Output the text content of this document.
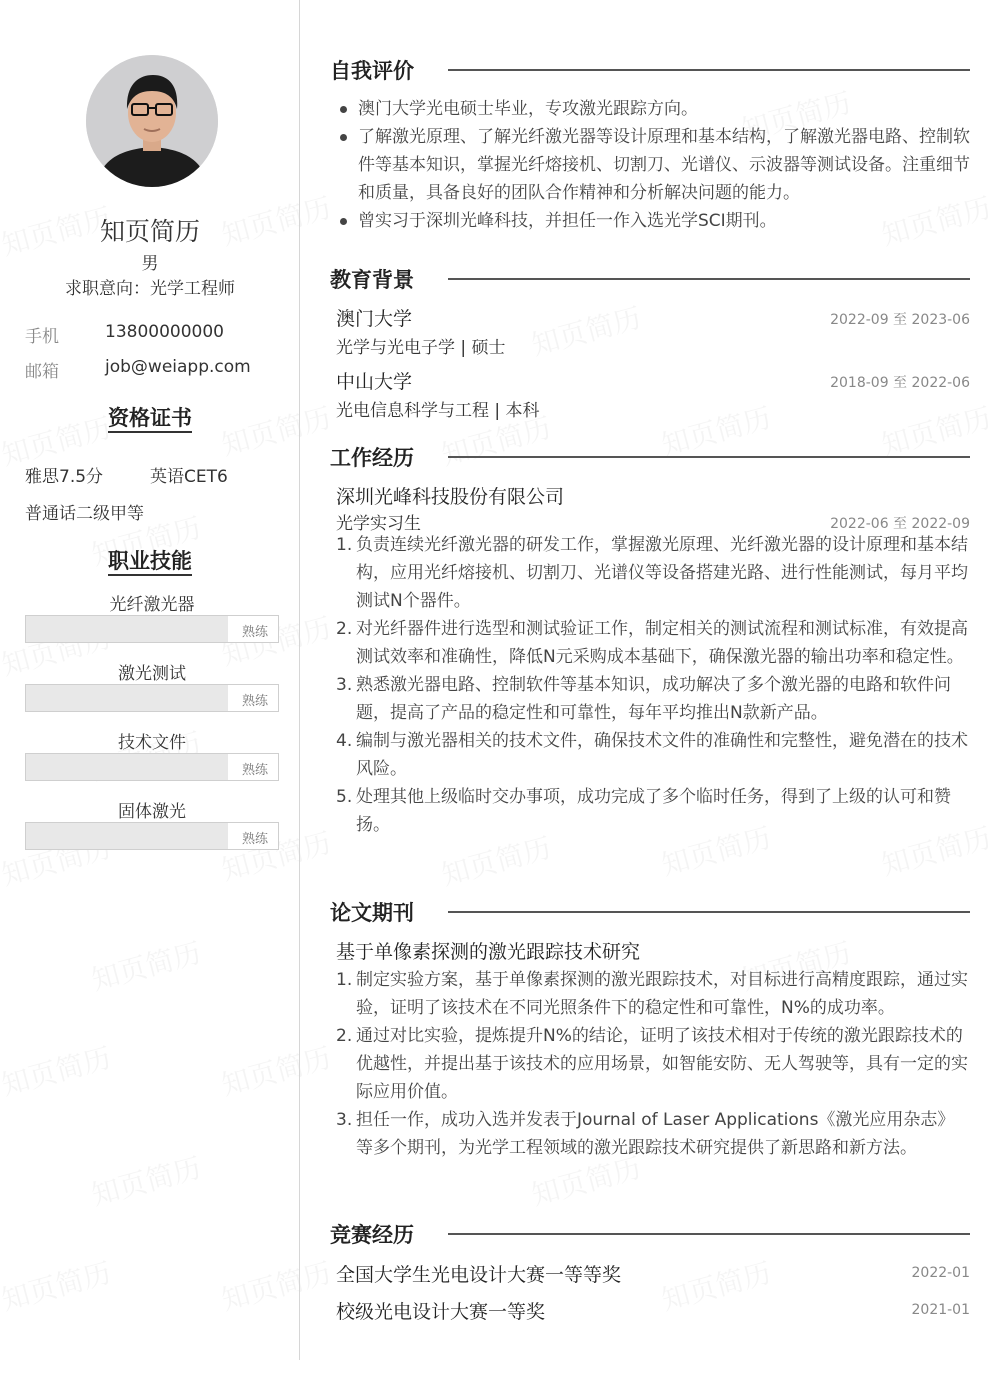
知页简历
男
求职意向：光学工程师
手机	13800000000
邮箱	job@weiapp.com
资格证书
雅思7.5分	英语CET6
普通话二级甲等
职业技能
光纤激光器
熟练
激光测试
熟练
技术文件
熟练
固体激光
熟练
自我评价
澳门大学光电硕士毕业，专攻激光跟踪方向。
了解激光原理、了解光纤激光器等设计原理和基本结构，了解激光器电路、控制软件等基本知识，掌握光纤熔接机、切割刀、光谱仪、示波器等测试设备。注重细节和质量，具备良好的团队合作精神和分析解决问题的能力。
曾实习于深圳光峰科技，并担任一作入选光学SCI期刊。
教育背景
澳门大学	2022-09 至 2023-06
光学与光电子学 | 硕士
中山大学	2018-09 至 2022-06
光电信息科学与工程 | 本科
工作经历
深圳光峰科技股份有限公司
光学实习生	2022-06 至 2022-09
1. 负责连续光纤激光器的研发工作，掌握激光原理、光纤激光器的设计原理和基本结构，应用光纤熔接机、切割刀、光谱仪等设备搭建光路、进行性能测试，每月平均测试N个器件。
2. 对光纤器件进行选型和测试验证工作，制定相关的测试流程和测试标准，有效提高测试效率和准确性，降低N元采购成本基础下，确保激光器的输出功率和稳定性。
3. 熟悉激光器电路、控制软件等基本知识，成功解决了多个激光器的电路和软件问题，提高了产品的稳定性和可靠性，每年平均推出N款新产品。
4. 编制与激光器相关的技术文件，确保技术文件的准确性和完整性，避免潜在的技术风险。
5. 处理其他上级临时交办事项，成功完成了多个临时任务，得到了上级的认可和赞扬。
论文期刊
基于单像素探测的激光跟踪技术研究
1. 制定实验方案，基于单像素探测的激光跟踪技术，对目标进行高精度跟踪，通过实验，证明了该技术在不同光照条件下的稳定性和可靠性，N%的成功率。
2. 通过对比实验，提炼提升N%的结论，证明了该技术相对于传统的激光跟踪技术的优越性，并提出基于该技术的应用场景，如智能安防、无人驾驶等，具有一定的实际应用价值。
3. 担任一作，成功入选并发表于Journal of Laser Applications《激光应用杂志》等多个期刊，为光学工程领域的激光跟踪技术研究提供了新思路和新方法。
竞赛经历
全国大学生光电设计大赛一等等奖	2022-01
校级光电设计大赛一等奖	2021-01
